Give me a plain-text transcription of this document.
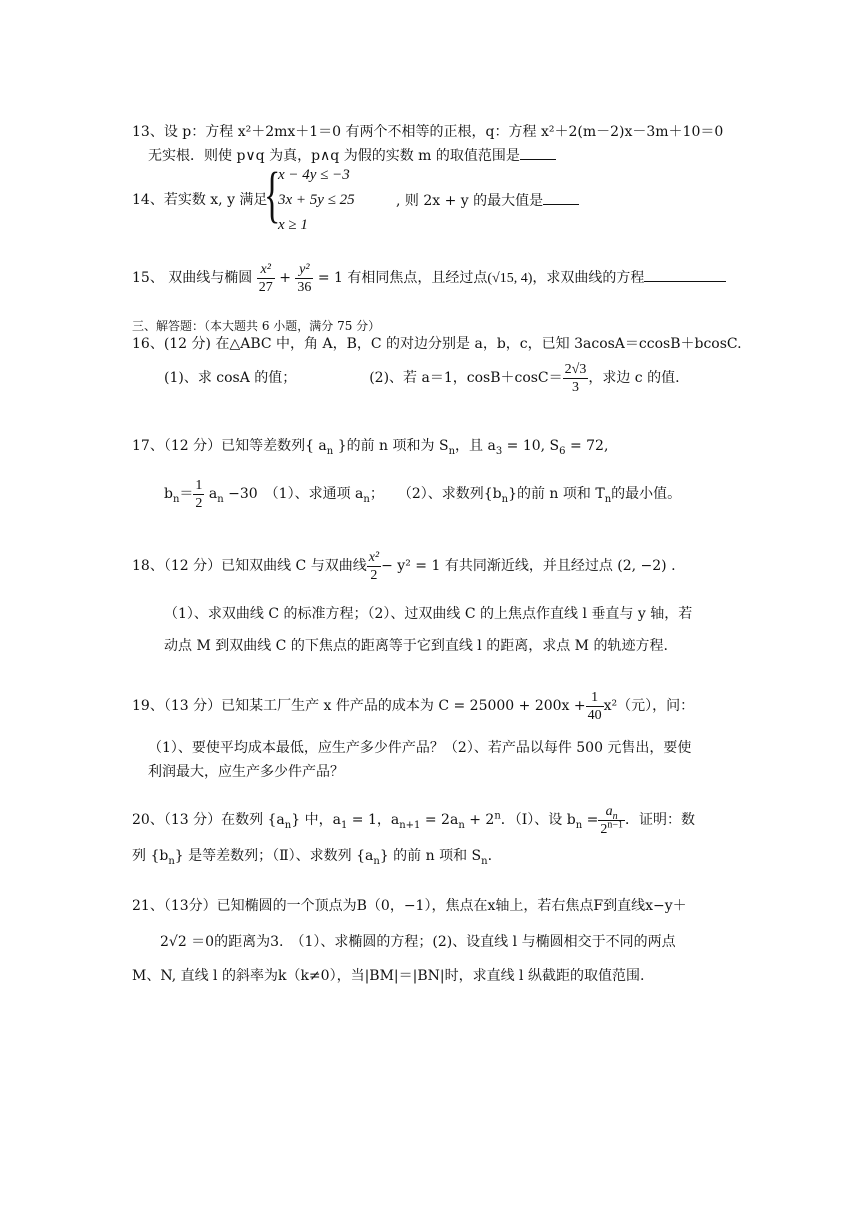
13、设 p：方程 x²＋2mx＋1＝0 有两个不相等的正根，q：方程 x²＋2(m－2)x－3m＋10＝0
无实根．则使 p∨q 为真，p∧q 为假的实数 m 的取值范围是
14、若实数 x, y 满足
{
x − 4y ≤ −3
3x + 5y ≤ 25
x ≥ 1
, 则 2x + y 的最大值是
15、 双曲线与椭圆 $\frac{\text{x²}}{27} + \frac{\text{y²}}{36} = 1$ 有相同焦点，且经过点(√15, 4)，求双曲线的方程
三、解答题：（本大题共 6 小题，满分 75 分）
16、(12 分) 在△ABC 中，角 A，B，C 的对边分别是 a，b，c，已知 3acosA＝ccosB＋bcosC.
(1)、求 cosA 的值；	(2)、若 a＝1，$\cos B+\cos C= \frac{2√3}{3}$ ，求边 c 的值.
17、（12 分）已知等差数列{ $a_n$ }的前 n 项和为 $S_n$，且 $a_3 = 10$, $S_6 = 72$,
$b_n= \frac{1}{2} a_n -30$　（1）、求通项 $a_n$；　　（2）、求数列$\{b_n\}$的前 n 项和 $T_n$的最小值。
18、（12 分）已知双曲线 C 与双曲线 $\frac{\text{x²}}{2} - y^2 = 1$ 有共同渐近线，并且经过点 (2, −2) .
（1）、求双曲线 C 的标准方程；（2）、过双曲线 C 的上焦点作直线 l 垂直与 y 轴，若
动点 M 到双曲线 C 的下焦点的距离等于它到直线 l 的距离，求点 M 的轨迹方程.
19、（13 分）已知某工厂生产 x 件产品的成本为 $C = 25000 + 200x + \frac{1}{40} x^2$（元），问：
（1）、要使平均成本最低，应生产多少件产品？（2）、若产品以每件 500 元售出，要使
利润最大，应生产多少件产品？
20、（13 分）在数列 $\{a_n\}$ 中，$a_1 = 1$，$a_{n+1} = 2a_n + 2^n$．（Ⅰ）、设 $b_n = \frac{a_n}{2^{n-1}}$ ．证明：数
列 $\{b_n\}$ 是等差数列；（Ⅱ）、求数列 $\{a_n\}$ 的前 n 项和 $S_n$.
21、（13分）已知椭圆的一个顶点为B（0，−1），焦点在x轴上，若右焦点F到直线x−y＋
2√2 ＝0的距离为3.　（1）、求椭圆的方程；(2)、设直线 l 与椭圆相交于不同的两点
M、N, 直线 l 的斜率为k（k≠0），当|BM|＝|BN|时，求直线 l 纵截距的取值范围.
